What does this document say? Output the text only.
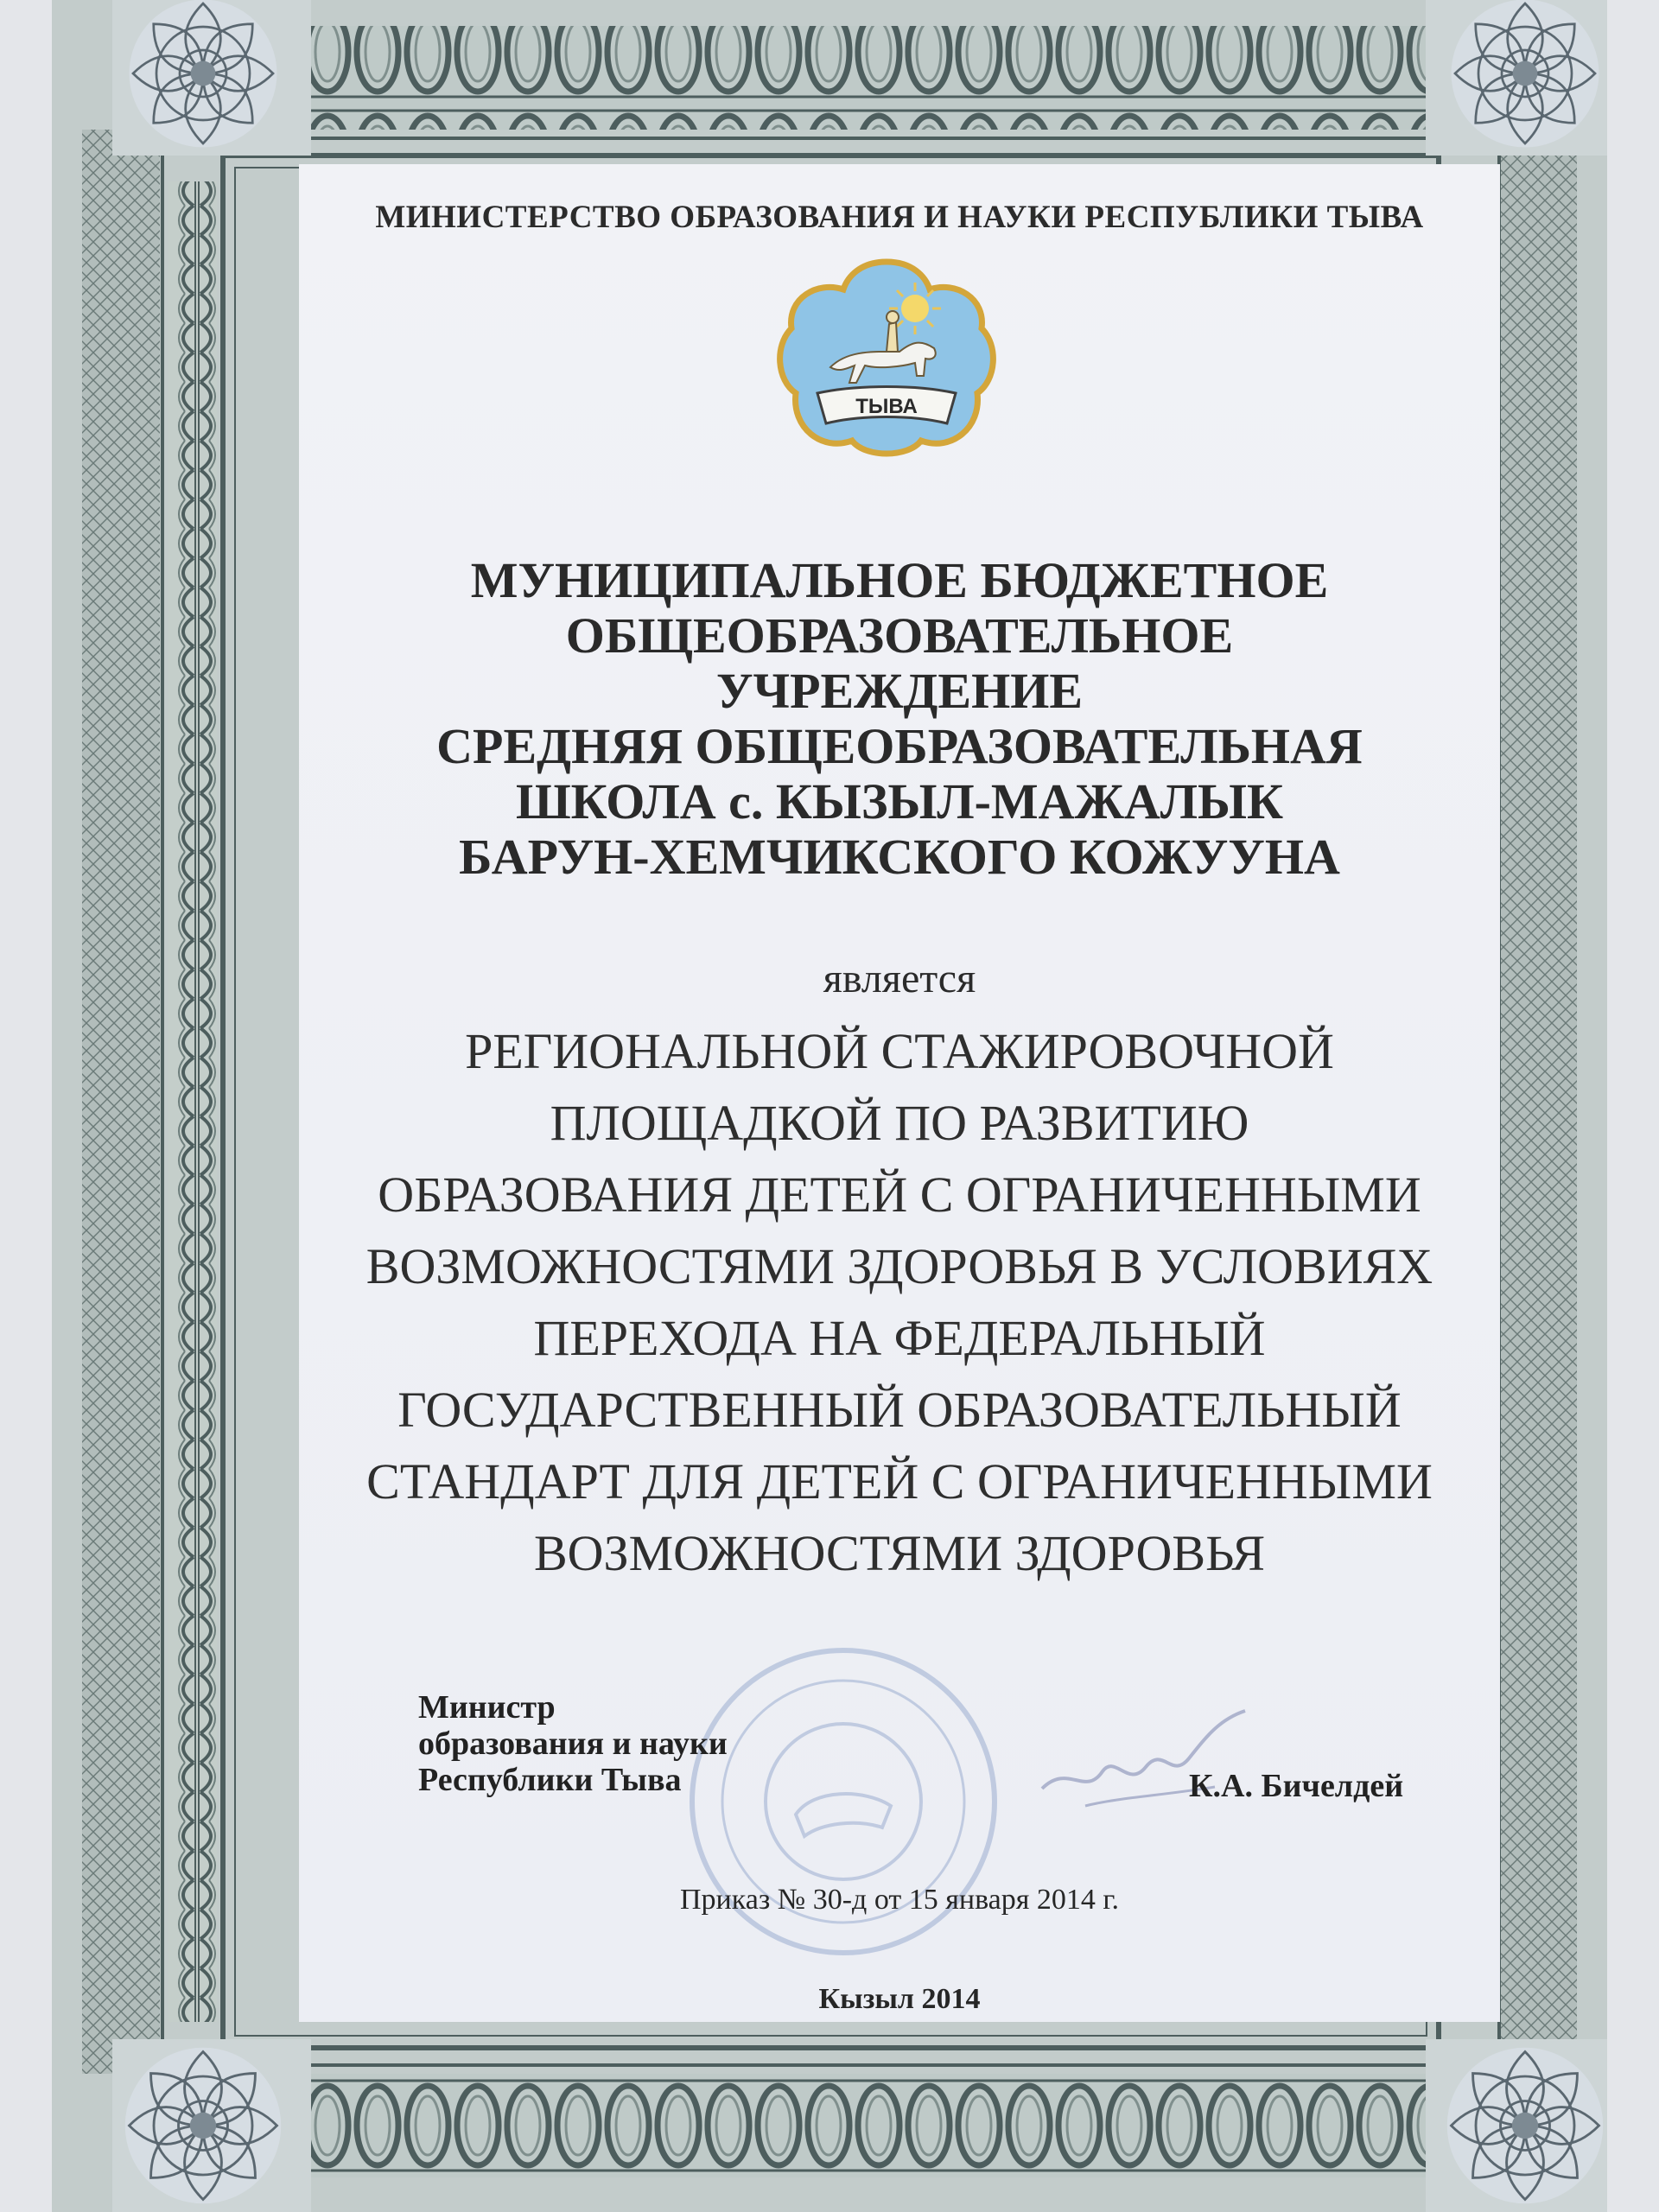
МИНИСТЕРСТВО ОБРАЗОВАНИЯ И НАУКИ РЕСПУБЛИКИ ТЫВА
ТЫВА
МУНИЦИПАЛЬНОЕ БЮДЖЕТНОЕ
ОБЩЕОБРАЗОВАТЕЛЬНОЕ
УЧРЕЖДЕНИЕ
СРЕДНЯЯ ОБЩЕОБРАЗОВАТЕЛЬНАЯ
ШКОЛА с. КЫЗЫЛ-МАЖАЛЫК
БАРУН-ХЕМЧИКСКОГО КОЖУУНА
является
РЕГИОНАЛЬНОЙ СТАЖИРОВОЧНОЙ
ПЛОЩАДКОЙ ПО РАЗВИТИЮ
ОБРАЗОВАНИЯ ДЕТЕЙ С ОГРАНИЧЕННЫМИ
ВОЗМОЖНОСТЯМИ ЗДОРОВЬЯ В УСЛОВИЯХ
ПЕРЕХОДА НА ФЕДЕРАЛЬНЫЙ
ГОСУДАРСТВЕННЫЙ ОБРАЗОВАТЕЛЬНЫЙ
СТАНДАРТ ДЛЯ ДЕТЕЙ С ОГРАНИЧЕННЫМИ
ВОЗМОЖНОСТЯМИ ЗДОРОВЬЯ
Министр
образования и науки
Республики Тыва	К.А. Бичелдей
Приказ № 30-д от 15 января 2014 г.
Кызыл 2014
